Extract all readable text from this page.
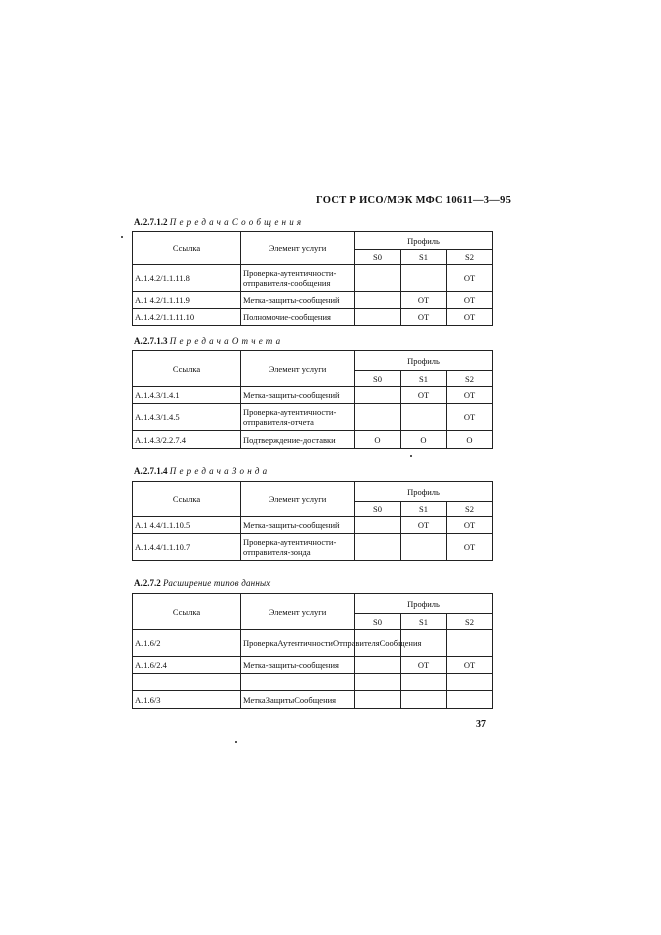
ГОСТ Р ИСО/МЭК МФС 10611—3—95
A.2.7.1.2 ПередачаСообщения
Ссылка	Элемент услуги	Профиль		
		S0	S1	S2
A.1.4.2/1.1.11.8	Проверка-аутентичности-отправителя-сообщения			ОТ
A.1 4.2/1.1.11.9	Метка-защиты-сообщений		ОТ	ОТ
A.1.4.2/1.1.11.10	Полномочие-сообщения		ОТ	ОТ
A.2.7.1.3 ПередачаОтчета
Ссылка	Элемент услуги	Профиль		
		S0	S1	S2
A.1.4.3/1.4.1	Метка-защиты-сообщений		ОТ	ОТ
A.1.4.3/1.4.5	Проверка-аутентичности-отправителя-отчета			ОТ
A.1.4.3/2.2.7.4	Подтверждение-доставки	О	О	О
A.2.7.1.4 ПередачаЗонда
Ссылка	Элемент услуги	Профиль		
		S0	S1	S2
A.1 4.4/1.1.10.5	Метка-защиты-сообщений		ОТ	ОТ
A.1.4.4/1.1.10.7	Проверка-аутентичности-отправителя-зонда			ОТ
A.2.7.2 Расширение типов данных
Ссылка	Элемент услуги	Профиль		
		S0	S1	S2
A.1.6/2	ПроверкаАутентичностиОтправителяСообщения			
A.1.6/2.4	Метка-защиты-сообщения		ОТ	ОТ

A.1.6/3	МеткаЗащитыСообщения			
37
